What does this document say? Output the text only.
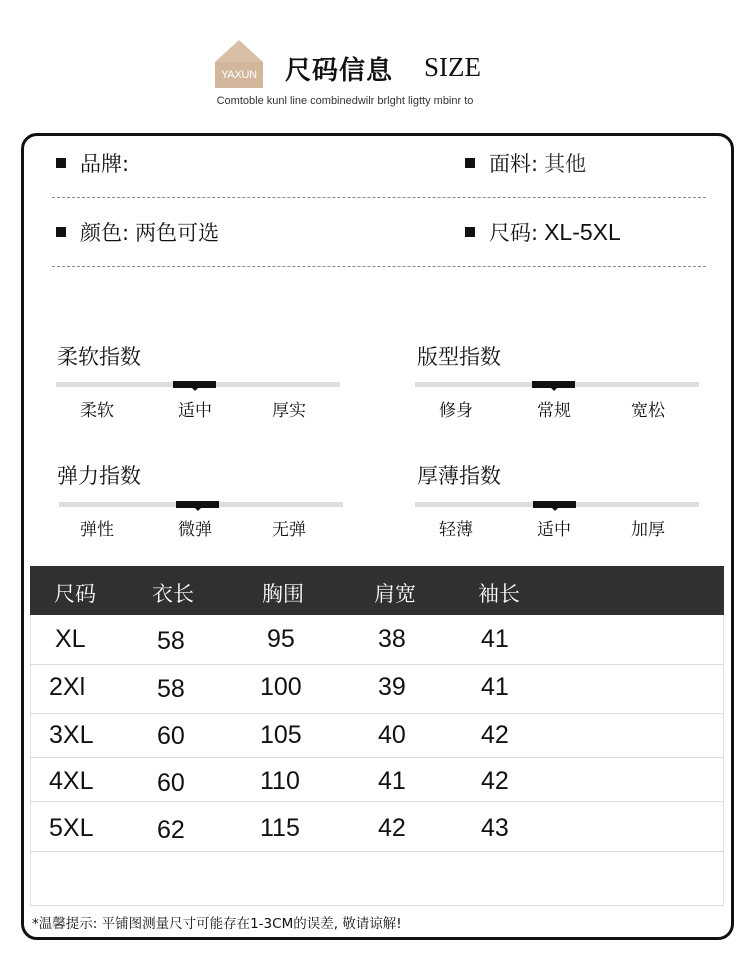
YAXUN 尺码信息 SIZE
Comtoble kunl line combinedwilr brlght ligtty mbinr to
品牌:	面料: 其他
颜色: 两色可选	尺码: XL-5XL
柔软指数
柔软	适中	厚实
版型指数
修身	常规	宽松
弹力指数
弹性	微弹	无弹
厚薄指数
轻薄	适中	加厚
尺码	衣长	胸围	肩宽	袖长
XL	58	95	38	41
2Xl	58	100	39	41
3XL	60	105	40	42
4XL	60	110	41	42
5XL	62	115	42	43
*温馨提示: 平铺图测量尺寸可能存在1-3CM的误差, 敬请谅解!
